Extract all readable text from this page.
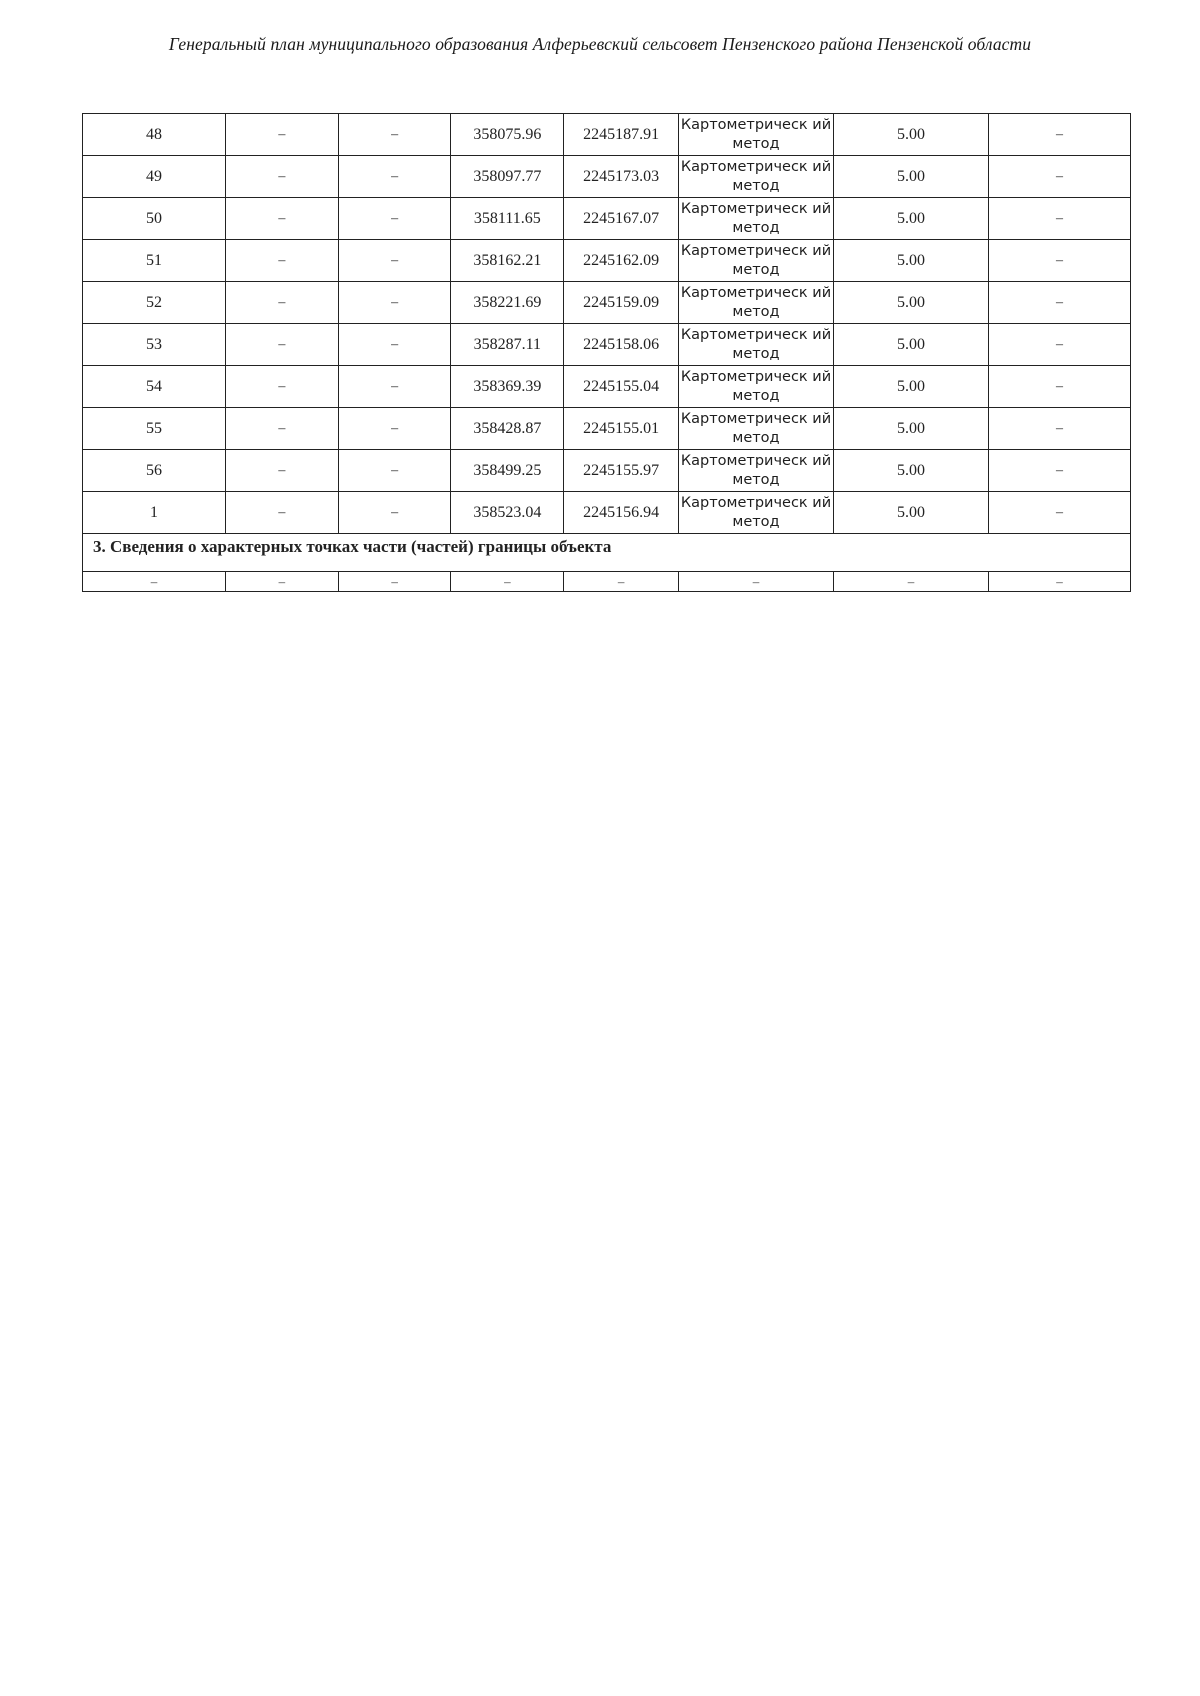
Генеральный план муниципального образования Алферьевский сельсовет Пензенского района Пензенской области
48	–	–	358075.96	2245187.91	Картометрическ ий метод	5.00	–
49	–	–	358097.77	2245173.03	Картометрическ ий метод	5.00	–
50	–	–	358111.65	2245167.07	Картометрическ ий метод	5.00	–
51	–	–	358162.21	2245162.09	Картометрическ ий метод	5.00	–
52	–	–	358221.69	2245159.09	Картометрическ ий метод	5.00	–
53	–	–	358287.11	2245158.06	Картометрическ ий метод	5.00	–
54	–	–	358369.39	2245155.04	Картометрическ ий метод	5.00	–
55	–	–	358428.87	2245155.01	Картометрическ ий метод	5.00	–
56	–	–	358499.25	2245155.97	Картометрическ ий метод	5.00	–
1	–	–	358523.04	2245156.94	Картометрическ ий метод	5.00	–
3. Сведения о характерных точках части (частей) границы объекта							
–	–	–	–	–	–	–	–
